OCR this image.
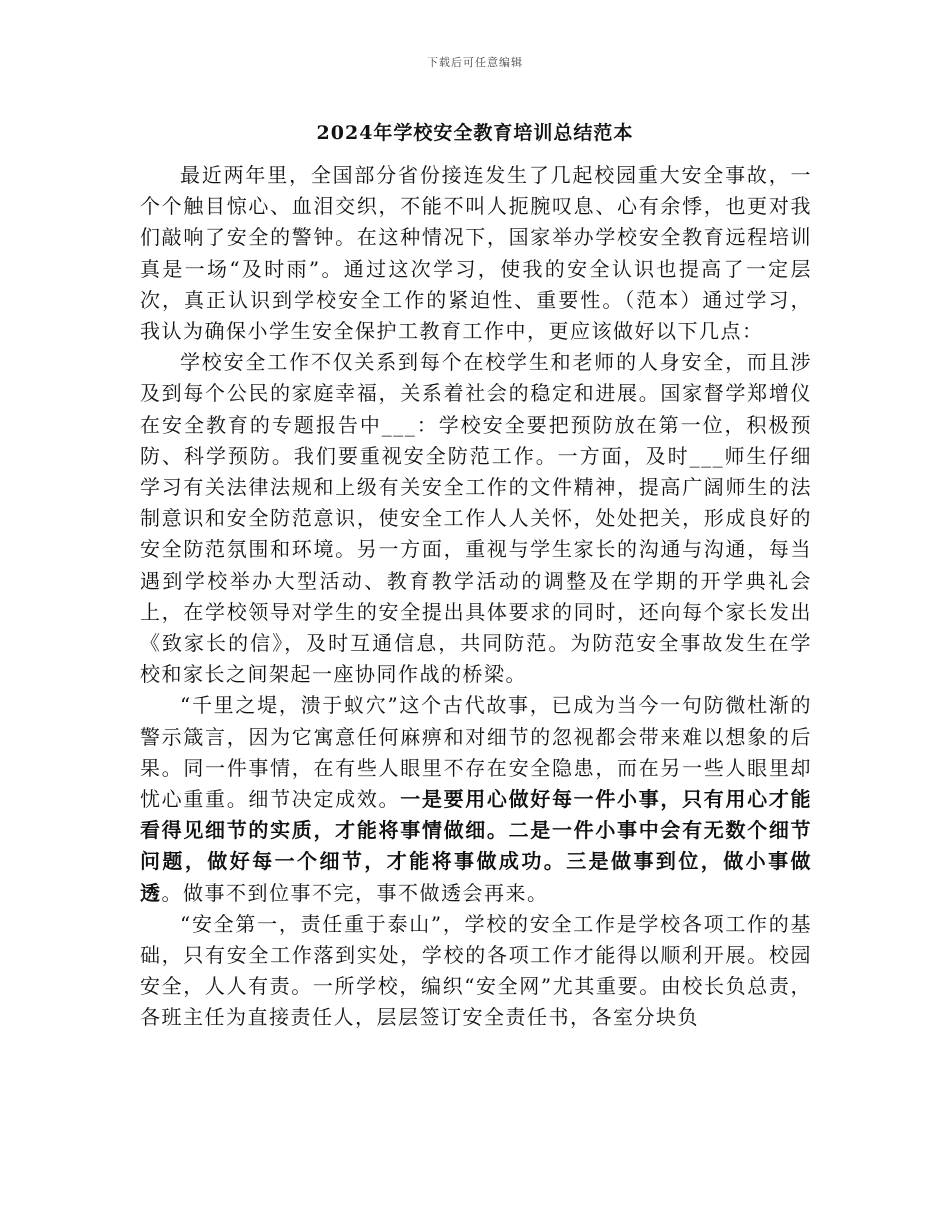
下载后可任意编辑
2024年学校安全教育培训总结范本

最近两年里，全国部分省份接连发生了几起校园重大安全事故，一个个触目惊心、血泪交织，不能不叫人扼腕叹息、心有余悸，也更对我们敲响了安全的警钟。在这种情况下，国家举办学校安全教育远程培训真是一场“及时雨”。通过这次学习，使我的安全认识也提高了一定层次，真正认识到学校安全工作的紧迫性、重要性。（范本）通过学习，我认为确保小学生安全保护工教育工作中，更应该做好以下几点：

学校安全工作不仅关系到每个在校学生和老师的人身安全，而且涉及到每个公民的家庭幸福，关系着社会的稳定和进展。国家督学郑增仪在安全教育的专题报告中___：学校安全要把预防放在第一位，积极预防、科学预防。我们要重视安全防范工作。一方面，及时___师生仔细学习有关法律法规和上级有关安全工作的文件精神，提高广阔师生的法制意识和安全防范意识，使安全工作人人关怀，处处把关，形成良好的安全防范氛围和环境。另一方面，重视与学生家长的沟通与沟通，每当遇到学校举办大型活动、教育教学活动的调整及在学期的开学典礼会上，在学校领导对学生的安全提出具体要求的同时，还向每个家长发出《致家长的信》，及时互通信息，共同防范。为防范安全事故发生在学校和家长之间架起一座协同作战的桥梁。

“千里之堤，溃于蚁穴”这个古代故事，已成为当今一句防微杜渐的警示箴言，因为它寓意任何麻痹和对细节的忽视都会带来难以想象的后果。同一件事情，在有些人眼里不存在安全隐患，而在另一些人眼里却忧心重重。细节决定成效。一是要用心做好每一件小事，只有用心才能看得见细节的实质，才能将事情做细。二是一件小事中会有无数个细节问题，做好每一个细节，才能将事做成功。三是做事到位，做小事做透。做事不到位事不完，事不做透会再来。

“安全第一，责任重于泰山”，学校的安全工作是学校各项工作的基础，只有安全工作落到实处，学校的各项工作才能得以顺利开展。校园安全，人人有责。一所学校，编织“安全网”尤其重要。由校长负总责，各班主任为直接责任人，层层签订安全责任书，各室分块负
